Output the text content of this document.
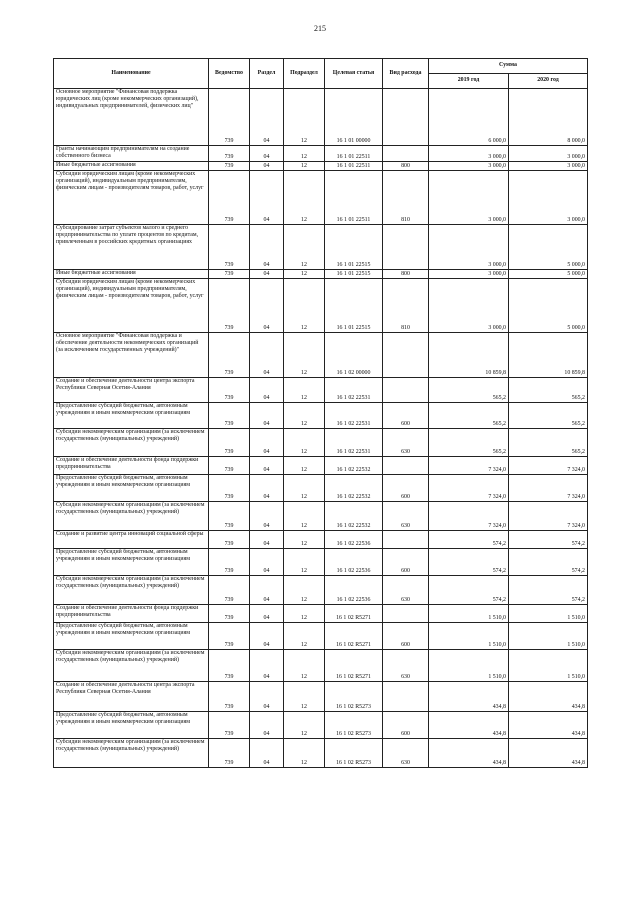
215
Наименование	Ведомство	Раздел	Подраздел	Целевая статья	Вид расхода	Сумма	
						2019 год	2020 год
Основное мероприятие "Финансовая поддержка юридических лиц (кроме некоммерческих организаций), индивидуальных предпринимателей, физических лиц"	739	04	12	16 1 01 00000		6 000,0	8 000,0
Гранты начинающим предпринимателям на создание собственного бизнеса	739	04	12	16 1 01 22511		3 000,0	3 000,0
Иные бюджетные ассигнования	739	04	12	16 1 01 22511	800	3 000,0	3 000,0
Субсидии юридическим лицам (кроме некоммерческих организаций), индивидуальным предпринимателям, физическим лицам - производителям товаров, работ, услуг	739	04	12	16 1 01 22511	810	3 000,0	3 000,0
Субсидирование затрат субъектов малого и среднего предпринимательства по уплате процентов по кредитам, привлеченным в российских кредитных организациях	739	04	12	16 1 01 22515		3 000,0	5 000,0
Иные бюджетные ассигнования	739	04	12	16 1 01 22515	800	3 000,0	5 000,0
Субсидии юридическим лицам (кроме некоммерческих организаций), индивидуальным предпринимателям, физическим лицам - производителям товаров, работ, услуг	739	04	12	16 1 01 22515	810	3 000,0	5 000,0
Основное мероприятие "Финансовая поддержка и обеспечение деятельности некоммерческих организаций (за исключением государственных учреждений)"	739	04	12	16 1 02 00000		10 859,8	10 859,8
Создание и обеспечение деятельности центра экспорта Республики Северная Осетия-Алания	739	04	12	16 1 02 22531		565,2	565,2
Предоставление субсидий бюджетным, автономным учреждениям и иным некоммерческим организациям	739	04	12	16 1 02 22531	600	565,2	565,2
Субсидии некоммерческим организациям (за исключением государственных (муниципальных) учреждений)	739	04	12	16 1 02 22531	630	565,2	565,2
Создание и обеспечение деятельности фонда поддержки предпринимательства	739	04	12	16 1 02 22532		7 324,0	7 324,0
Предоставление субсидий бюджетным, автономным учреждениям и иным некоммерческим организациям	739	04	12	16 1 02 22532	600	7 324,0	7 324,0
Субсидии некоммерческим организациям (за исключением государственных (муниципальных) учреждений)	739	04	12	16 1 02 22532	630	7 324,0	7 324,0
Создание и развитие центра инноваций социальной сферы	739	04	12	16 1 02 22536		574,2	574,2
Предоставление субсидий бюджетным, автономным учреждениям и иным некоммерческим организациям	739	04	12	16 1 02 22536	600	574,2	574,2
Субсидии некоммерческим организациям (за исключением государственных (муниципальных) учреждений)	739	04	12	16 1 02 22536	630	574,2	574,2
Создание и обеспечение деятельности фонда поддержки предпринимательства	739	04	12	16 1 02 R5271		1 510,0	1 510,0
Предоставление субсидий бюджетным, автономным учреждениям и иным некоммерческим организациям	739	04	12	16 1 02 R5271	600	1 510,0	1 510,0
Субсидии некоммерческим организациям (за исключением государственных (муниципальных) учреждений)	739	04	12	16 1 02 R5271	630	1 510,0	1 510,0
Создание и обеспечение деятельности центра экспорта Республики Северная Осетия-Алания	739	04	12	16 1 02 R5273		434,8	434,8
Предоставление субсидий бюджетным, автономным учреждениям и иным некоммерческим организациям	739	04	12	16 1 02 R5273	600	434,8	434,8
Субсидии некоммерческим организациям (за исключением государственных (муниципальных) учреждений)	739	04	12	16 1 02 R5273	630	434,8	434,8
